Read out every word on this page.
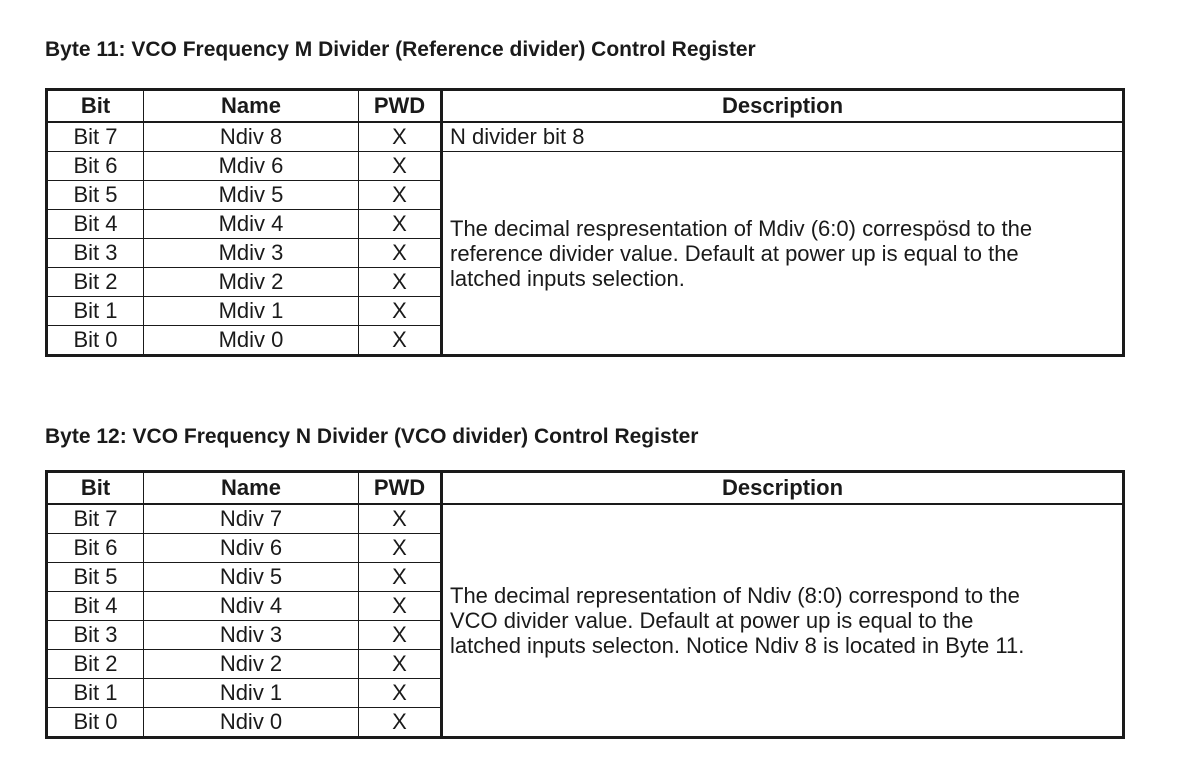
Byte 11: VCO Frequency M Divider (Reference divider) Control Register
Bit	Name	PWD	Description
Bit 7	Ndiv 8	X	N divider bit 8
Bit 6	Mdiv 6	X	The decimal respresentation of Mdiv (6:0) correspösd to the
reference divider value. Default at power up is equal to the
latched inputs selection.

Bit 5	Mdiv 5	X	
Bit 4	Mdiv 4	X	
Bit 3	Mdiv 3	X	
Bit 2	Mdiv 2	X	
Bit 1	Mdiv 1	X	
Bit 0	Mdiv 0	X	
Byte 12: VCO Frequency N Divider (VCO divider) Control Register
Bit	Name	PWD	Description
Bit 7	Ndiv 7	X	The decimal representation of Ndiv (8:0) correspond to the
VCO divider value. Default at power up is equal to the
latched inputs selecton. Notice Ndiv 8 is located in Byte 11.

Bit 6	Ndiv 6	X	
Bit 5	Ndiv 5	X	
Bit 4	Ndiv 4	X	
Bit 3	Ndiv 3	X	
Bit 2	Ndiv 2	X	
Bit 1	Ndiv 1	X	
Bit 0	Ndiv 0	X	
